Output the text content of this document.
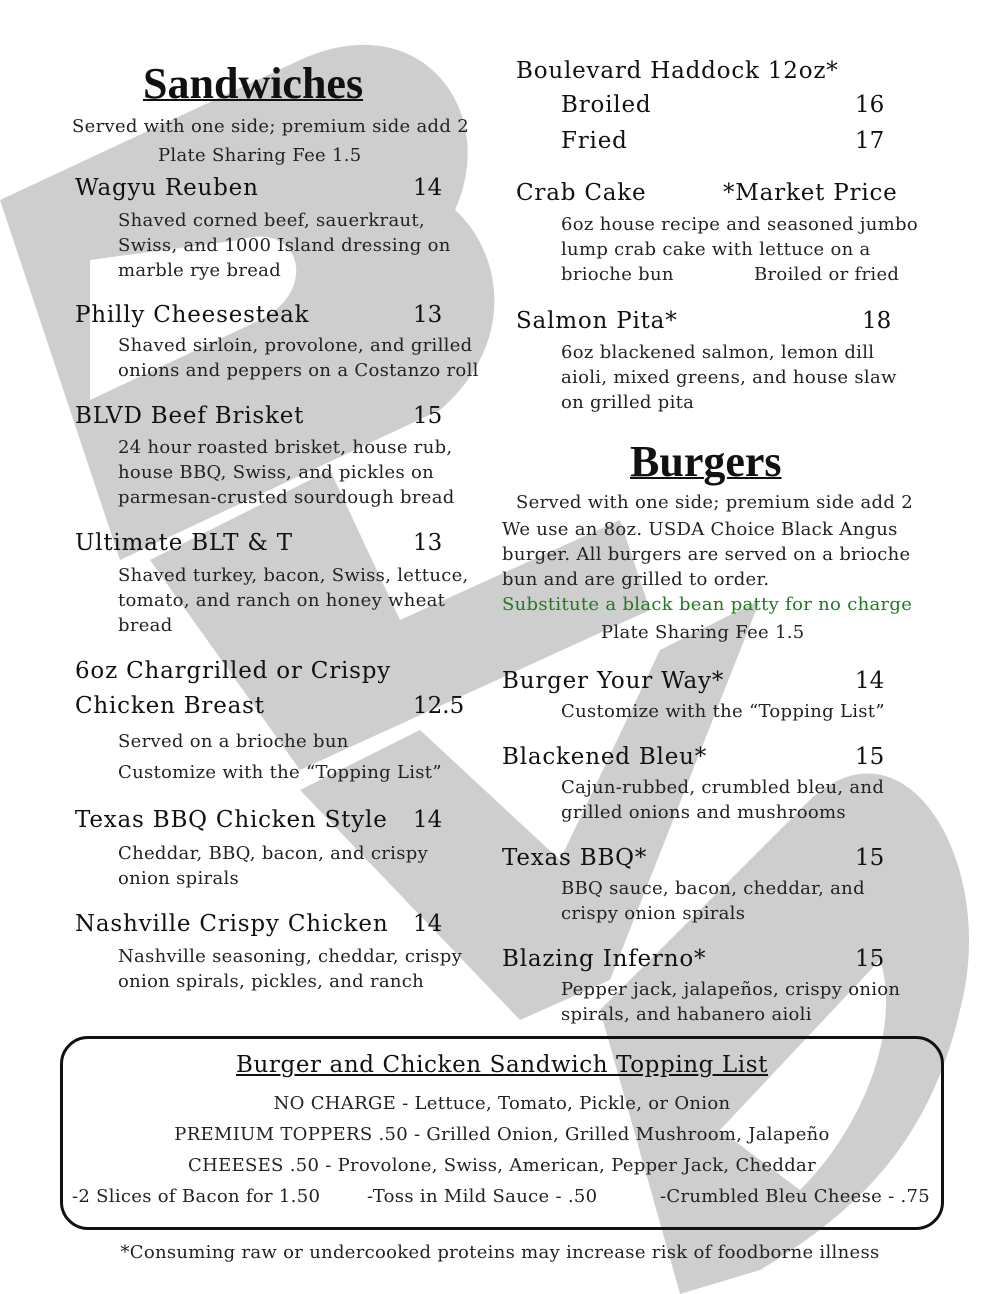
Sandwiches
Served with one side; premium side add 2
Plate Sharing Fee 1.5
Wagyu Reuben	14
Shaved corned beef, sauerkraut,
Swiss, and 1000 Island dressing on
marble rye bread
Philly Cheesesteak	13
Shaved sirloin, provolone, and grilled
onions and peppers on a Costanzo roll
BLVD Beef Brisket	15
24 hour roasted brisket, house rub,
house BBQ, Swiss, and pickles on
parmesan-crusted sourdough bread
Ultimate BLT & T	13
Shaved turkey, bacon, Swiss, lettuce,
tomato, and ranch on honey wheat
bread
6oz Chargrilled or Crispy
Chicken Breast	12.5
Served on a brioche bun
Customize with the “Topping List”
Texas BBQ Chicken Style 14
Cheddar, BBQ, bacon, and crispy
onion spirals
Nashville Crispy Chicken 14
Nashville seasoning, cheddar, crispy
onion spirals, pickles, and ranch
Boulevard Haddock 12oz*
Broiled	16
Fried	17
Crab Cake	*Market Price
6oz house recipe and seasoned jumbo
lump crab cake with lettuce on a
brioche bun	Broiled or fried
Salmon Pita*	18
6oz blackened salmon, lemon dill
aioli, mixed greens, and house slaw
on grilled pita
Burgers
Served with one side; premium side add 2
We use an 8oz. USDA Choice Black Angus
burger. All burgers are served on a brioche
bun and are grilled to order.
Substitute a black bean patty for no charge
Plate Sharing Fee 1.5
Burger Your Way*	14
Customize with the “Topping List”
Blackened Bleu*	15
Cajun-rubbed, crumbled bleu, and
grilled onions and mushrooms
Texas BBQ*	15
BBQ sauce, bacon, cheddar, and
crispy onion spirals
Blazing Inferno*	15
Pepper jack, jalapeños, crispy onion
spirals, and habanero aioli
Burger and Chicken Sandwich Topping List
NO CHARGE - Lettuce, Tomato, Pickle, or Onion
PREMIUM TOPPERS .50 - Grilled Onion, Grilled Mushroom, Jalapeño
CHEESES .50 - Provolone, Swiss, American, Pepper Jack, Cheddar
-2 Slices of Bacon for 1.50	-Toss in Mild Sauce - .50	-Crumbled Bleu Cheese - .75
*Consuming raw or undercooked proteins may increase risk of foodborne illness
